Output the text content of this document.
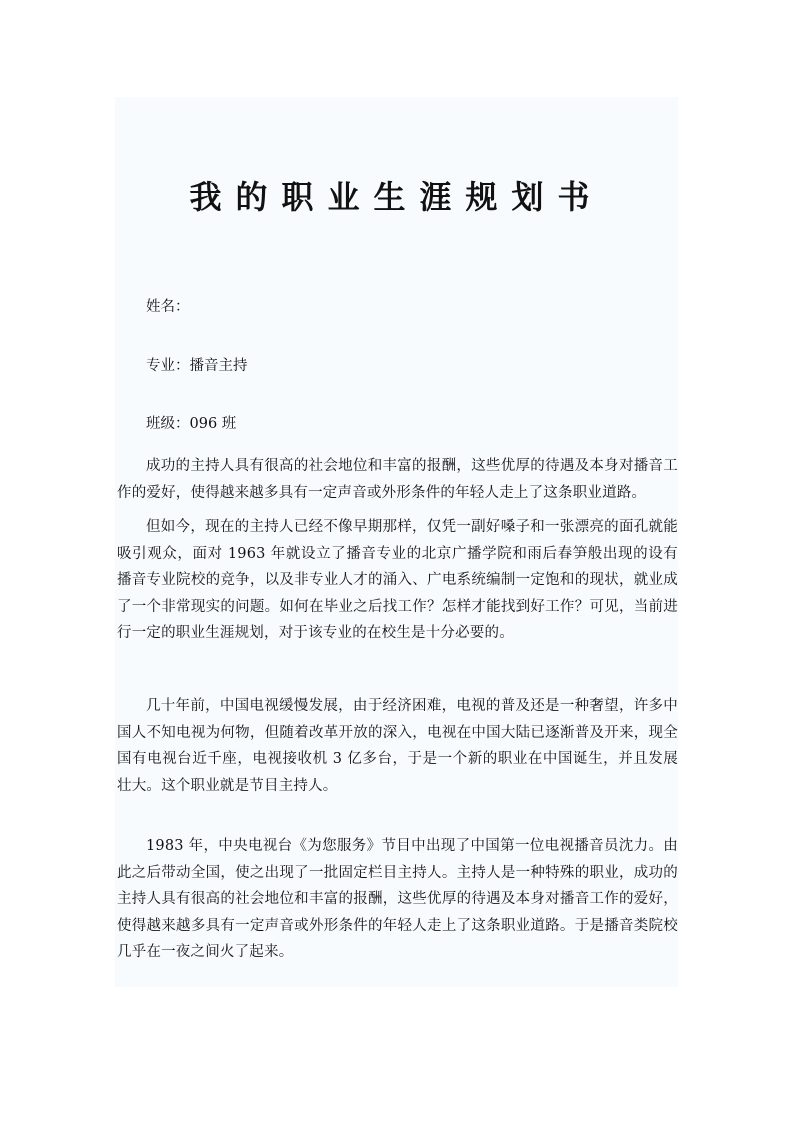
我的职业生涯规划书
姓名：
专业：播音主持
班级：096 班

成功的主持人具有很高的社会地位和丰富的报酬，这些优厚的待遇及本身对播音工作的爱好，使得越来越多具有一定声音或外形条件的年轻人走上了这条职业道路。

但如今，现在的主持人已经不像早期那样，仅凭一副好嗓子和一张漂亮的面孔就能吸引观众，面对 1963 年就设立了播音专业的北京广播学院和雨后春笋般出现的设有播音专业院校的竞争，以及非专业人才的涌入、广电系统编制一定饱和的现状，就业成了一个非常现实的问题。如何在毕业之后找工作？怎样才能找到好工作？可见，当前进行一定的职业生涯规划，对于该专业的在校生是十分必要的。

几十年前，中国电视缓慢发展，由于经济困难，电视的普及还是一种奢望，许多中国人不知电视为何物，但随着改革开放的深入，电视在中国大陆已逐渐普及开来，现全国有电视台近千座，电视接收机 3 亿多台，于是一个新的职业在中国诞生，并且发展壮大。这个职业就是节目主持人。

1983 年，中央电视台《为您服务》节目中出现了中国第一位电视播音员沈力。由此之后带动全国，使之出现了一批固定栏目主持人。主持人是一种特殊的职业，成功的主持人具有很高的社会地位和丰富的报酬，这些优厚的待遇及本身对播音工作的爱好，使得越来越多具有一定声音或外形条件的年轻人走上了这条职业道路。于是播音类院校几乎在一夜之间火了起来。
